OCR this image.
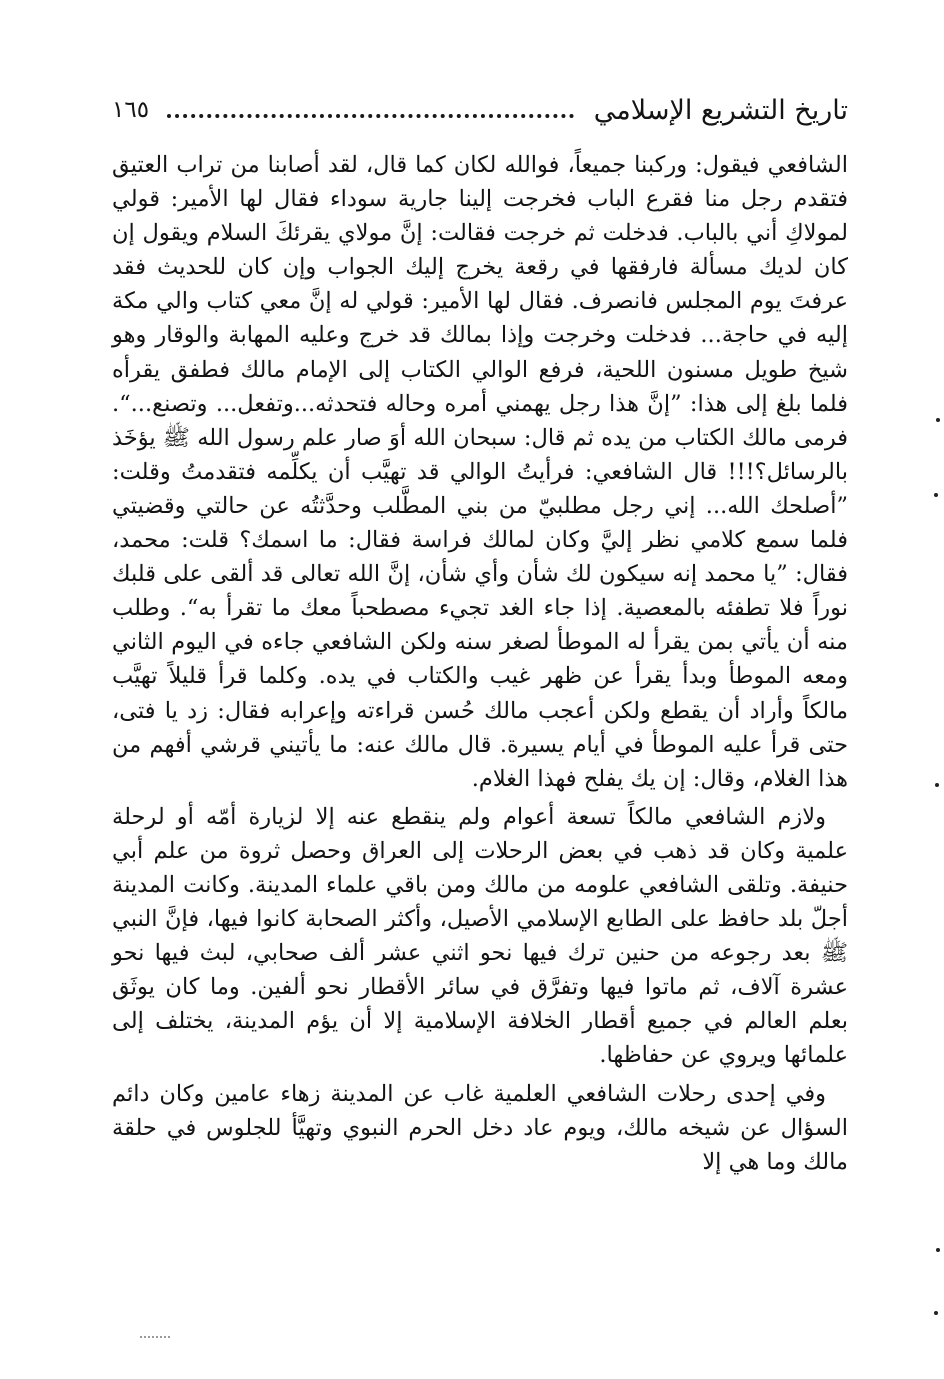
تاريخ التشريع الإسلامي
١٦٥

الشافعي فيقول: وركبنا جميعاً، فوالله لكان كما قال، لقد أصابنا من تراب العتيق فتقدم رجل منا فقرع الباب فخرجت إلينا جارية سوداء فقال لها الأمير: قولي لمولاكِ أني بالباب. فدخلت ثم خرجت فقالت: إنَّ مولاي يقرئكَ السلام ويقول إن كان لديك مسألة فارفقها في رقعة يخرج إليك الجواب وإن كان للحديث فقد عرفتَ يوم المجلس فانصرف. فقال لها الأمير: قولي له إنَّ معي كتاب والي مكة إليه في حاجة... فدخلت وخرجت وإذا بمالك قد خرج وعليه المهابة والوقار وهو شيخ طويل مسنون اللحية، فرفع الوالي الكتاب إلى الإمام مالك فطفق يقرأه فلما بلغ إلى هذا: ”إنَّ هذا رجل يهمني أمره وحاله فتحدثه...وتفعل... وتصنع...“. فرمى مالك الكتاب من يده ثم قال: سبحان الله أوَ صار علم رسول الله ﷺ يؤخَذ بالرسائل؟!!! قال الشافعي: فرأيتُ الوالي قد تهيَّب أن يكلِّمه فتقدمتُ وقلت: ”أصلحك الله... إني رجل مطلبيّ من بني المطَّلب وحدَّثتُه عن حالتي وقضيتي فلما سمع كلامي نظر إليَّ وكان لمالك فراسة فقال: ما اسمك؟ قلت: محمد، فقال: ”يا محمد إنه سيكون لك شأن وأي شأن، إنَّ الله تعالى قد ألقى على قلبك نوراً فلا تطفئه بالمعصية. إذا جاء الغد تجيء مصطحباً معك ما تقرأ به“. وطلب منه أن يأتي بمن يقرأ له الموطأ لصغر سنه ولكن الشافعي جاءه في اليوم الثاني ومعه الموطأ وبدأ يقرأ عن ظهر غيب والكتاب في يده. وكلما قرأ قليلاً تهيَّب مالكاً وأراد أن يقطع ولكن أعجب مالك حُسن قراءته وإعرابه فقال: زد يا فتى، حتى قرأ عليه الموطأ في أيام يسيرة. قال مالك عنه: ما يأتيني قرشي أفهم من هذا الغلام، وقال: إن يك يفلح فهذا الغلام.

ولازم الشافعي مالكاً تسعة أعوام ولم ينقطع عنه إلا لزيارة أمّه أو لرحلة علمية وكان قد ذهب في بعض الرحلات إلى العراق وحصل ثروة من علم أبي حنيفة. وتلقى الشافعي علومه من مالك ومن باقي علماء المدينة. وكانت المدينة أجلّ بلد حافظ على الطابع الإسلامي الأصيل، وأكثر الصحابة كانوا فيها، فإنَّ النبي ﷺ بعد رجوعه من حنين ترك فيها نحو اثني عشر ألف صحابي، لبث فيها نحو عشرة آلاف، ثم ماتوا فيها وتفرَّق في سائر الأقطار نحو ألفين. وما كان يوثَق بعلم العالم في جميع أقطار الخلافة الإسلامية إلا أن يؤم المدينة، يختلف إلى علمائها ويروي عن حفاظها.

وفي إحدى رحلات الشافعي العلمية غاب عن المدينة زهاء عامين وكان دائم السؤال عن شيخه مالك، ويوم عاد دخل الحرم النبوي وتهيَّأ للجلوس في حلقة مالك وما هي إلا
